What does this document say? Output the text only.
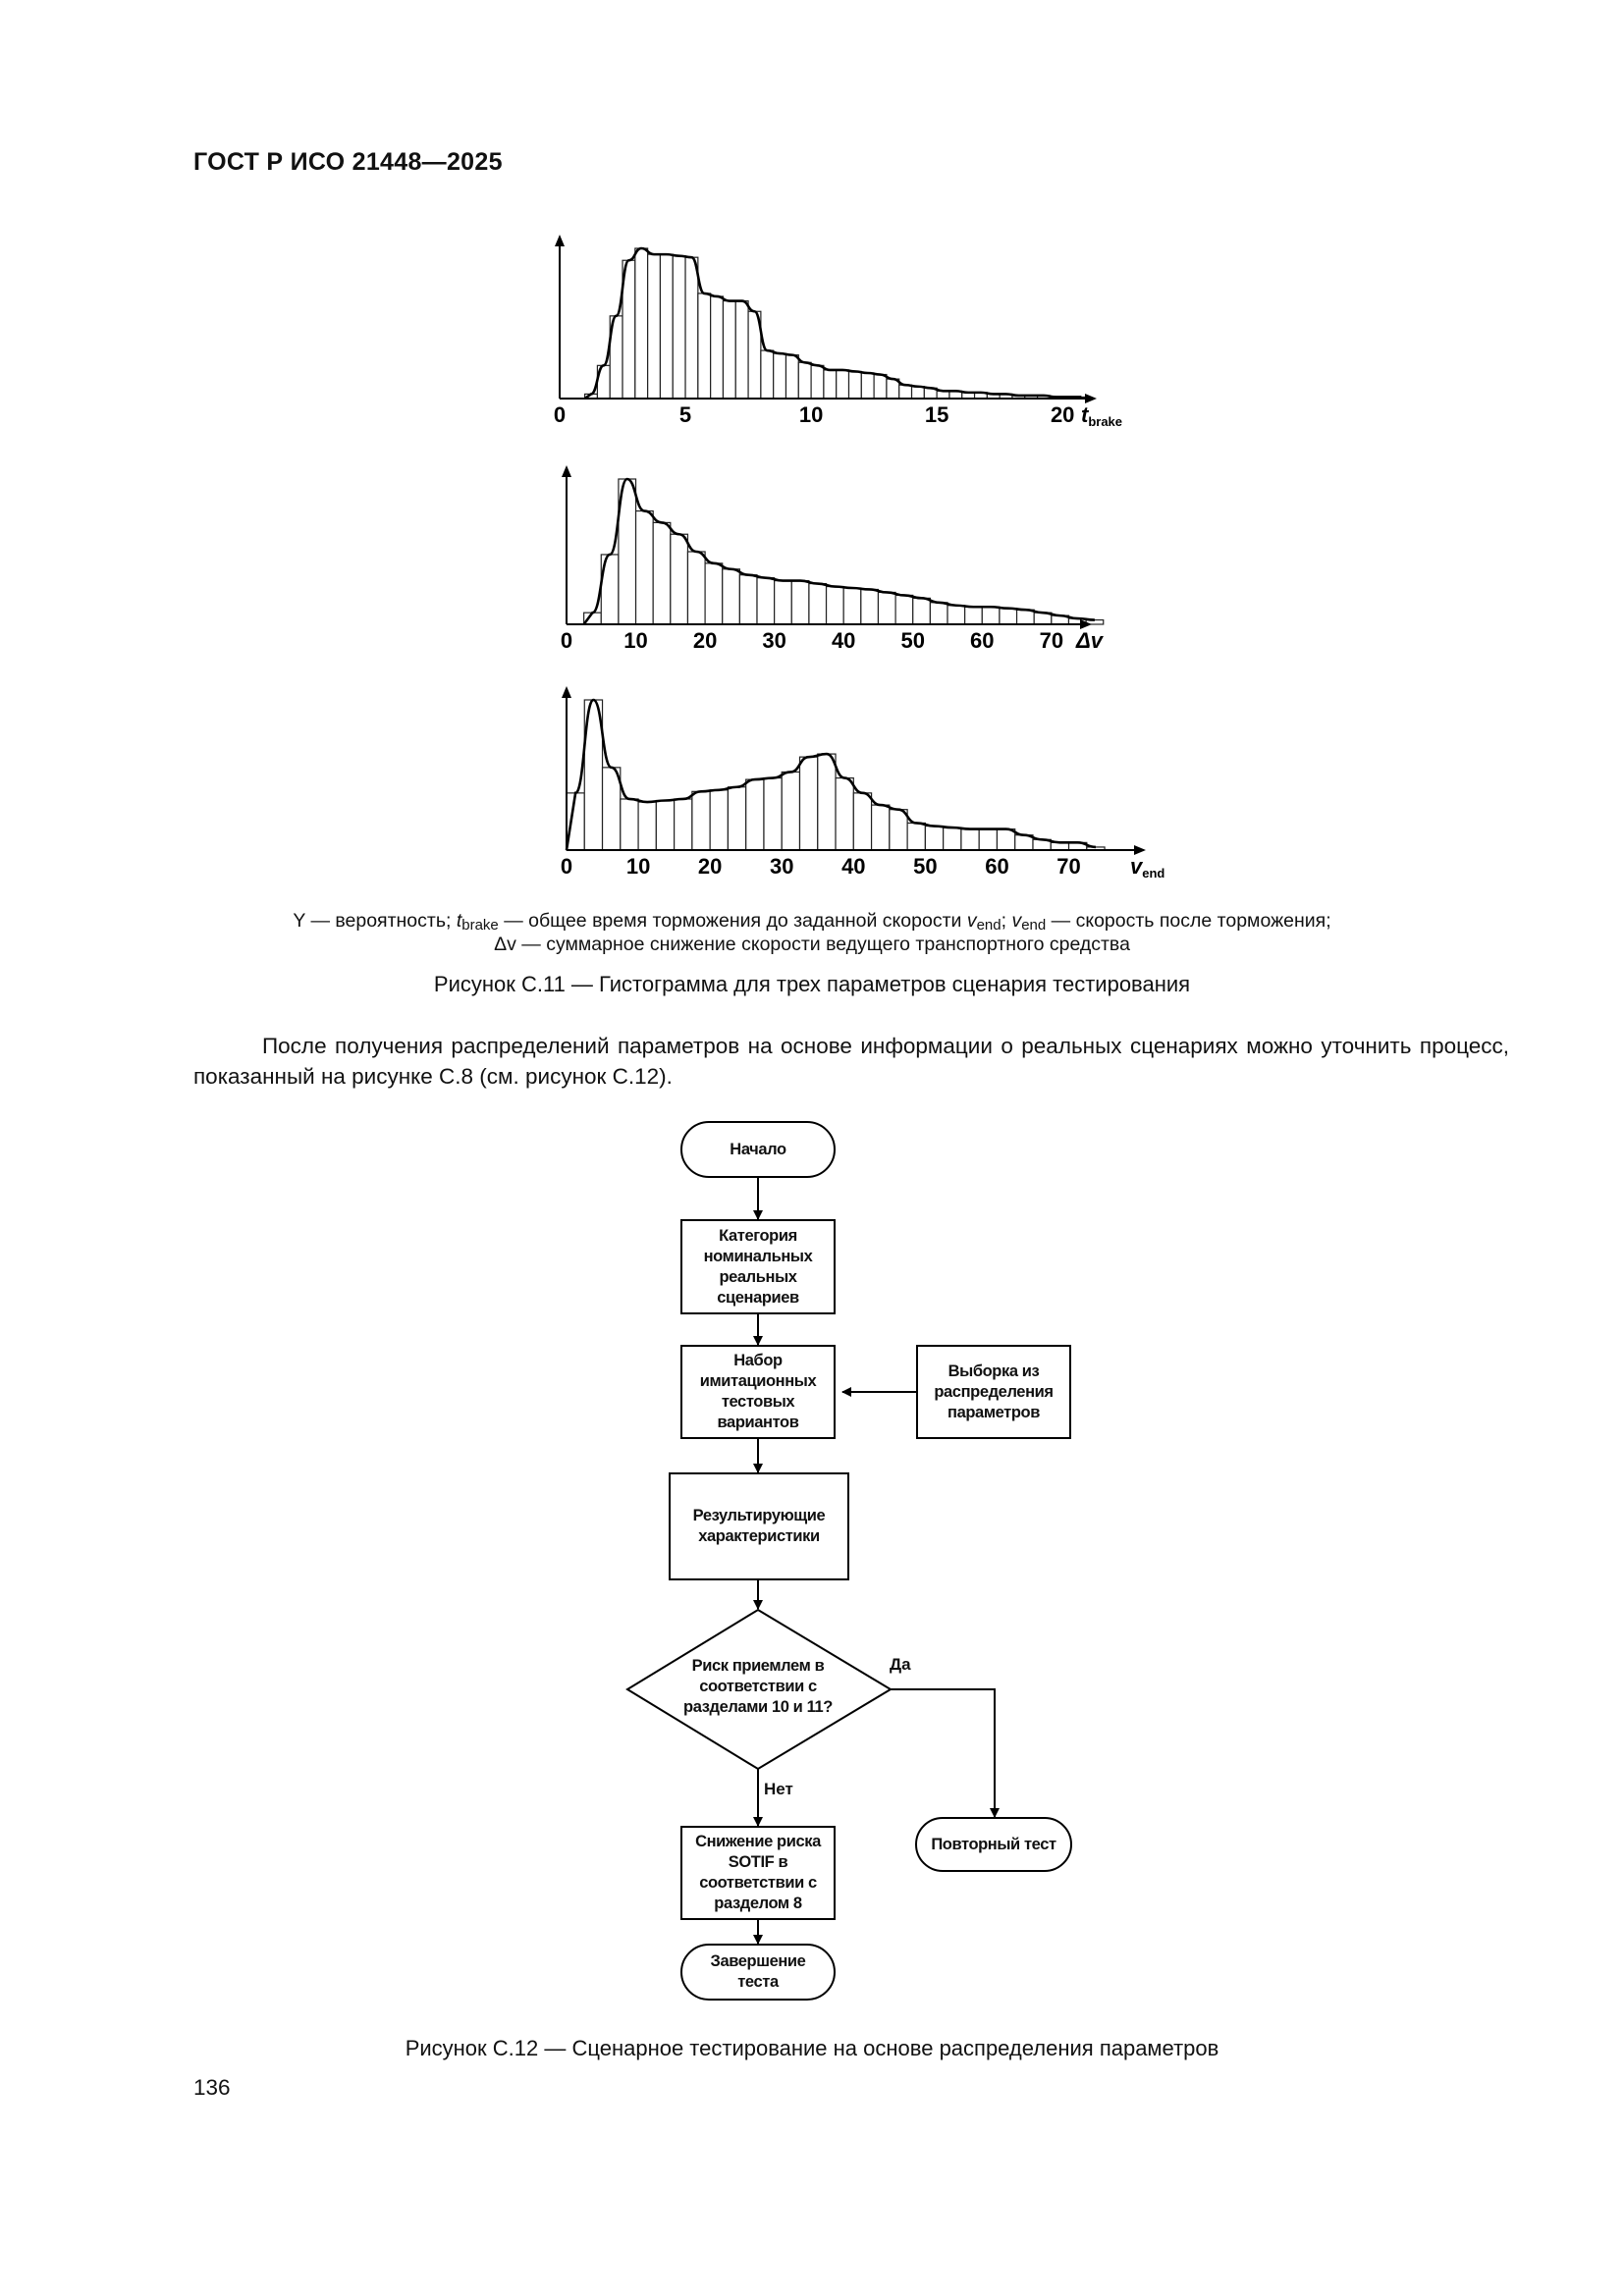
ГОСТ Р ИСО 21448—2025
0	5	10	15	20 tbrake
0 10 20 30 40 50 60 70 Δv
0 10 20 30 40 50 60 70 vend
Y — вероятность; $t_{brake}$ — общее время торможения до заданной скорости $v_{end}$; $v_{end}$ — скорость после торможения;
Δv — суммарное снижение скорости ведущего транспортного средства
Рисунок С.11 — Гистограмма для трех параметров сценария тестирования
После получения распределений параметров на основе информации о реальных сценариях можно уточнить процесс, показанный на рисунке С.8 (см. рисунок С.12).
Начало
Категория номинальных реальных сценариев
Набор имитационных тестовых вариантов
Выборка из распределения параметров
Результирующие характеристики
Риск приемлем в соответствии с разделами 10 и 11?
Да
Нет
Повторный тест
Снижение риска SOTIF в соответствии с разделом 8
Завершение теста
Рисунок С.12 — Сценарное тестирование на основе распределения параметров
136
